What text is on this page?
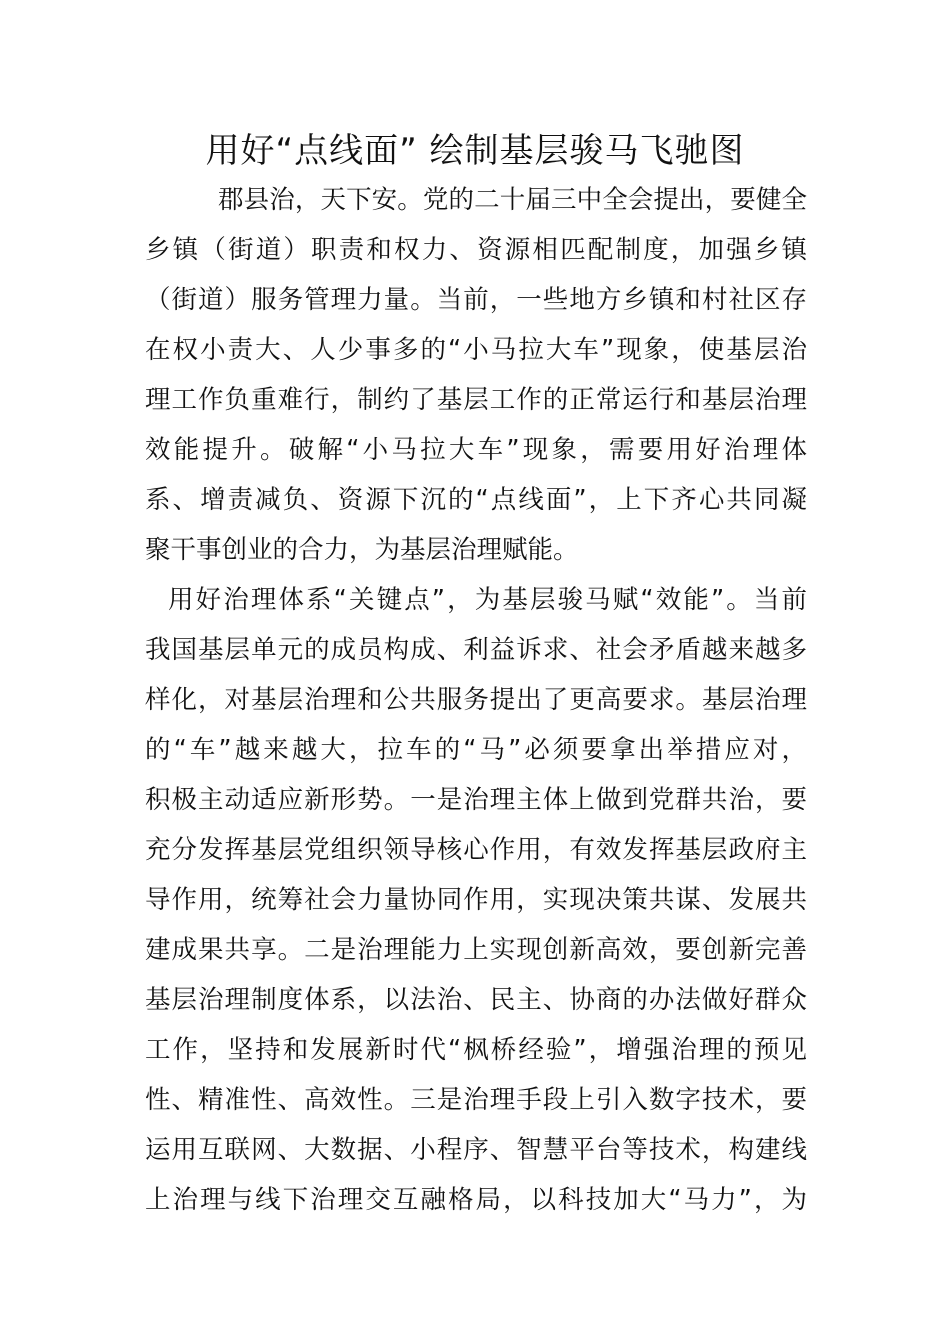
用好“点线面” 绘制基层骏马飞驰图
郡县治，天下安。党的二十届三中全会提出，要健全
乡镇（街道）职责和权力、资源相匹配制度，加强乡镇
（街道）服务管理力量。当前，一些地方乡镇和村社区存
在权小责大、人少事多的“小马拉大车”现象，使基层治
理工作负重难行，制约了基层工作的正常运行和基层治理
效能提升。破解“小马拉大车”现象，需要用好治理体
系、增责减负、资源下沉的“点线面”，上下齐心共同凝
聚干事创业的合力，为基层治理赋能。
用好治理体系“关键点”，为基层骏马赋“效能”。当前
我国基层单元的成员构成、利益诉求、社会矛盾越来越多
样化，对基层治理和公共服务提出了更高要求。基层治理
的“车”越来越大，拉车的“马”必须要拿出举措应对，
积极主动适应新形势。一是治理主体上做到党群共治，要
充分发挥基层党组织领导核心作用，有效发挥基层政府主
导作用，统筹社会力量协同作用，实现决策共谋、发展共
建成果共享。二是治理能力上实现创新高效，要创新完善
基层治理制度体系，以法治、民主、协商的办法做好群众
工作，坚持和发展新时代“枫桥经验”，增强治理的预见
性、精准性、高效性。三是治理手段上引入数字技术，要
运用互联网、大数据、小程序、智慧平台等技术，构建线
上治理与线下治理交互融格局，以科技加大“马力”，为
